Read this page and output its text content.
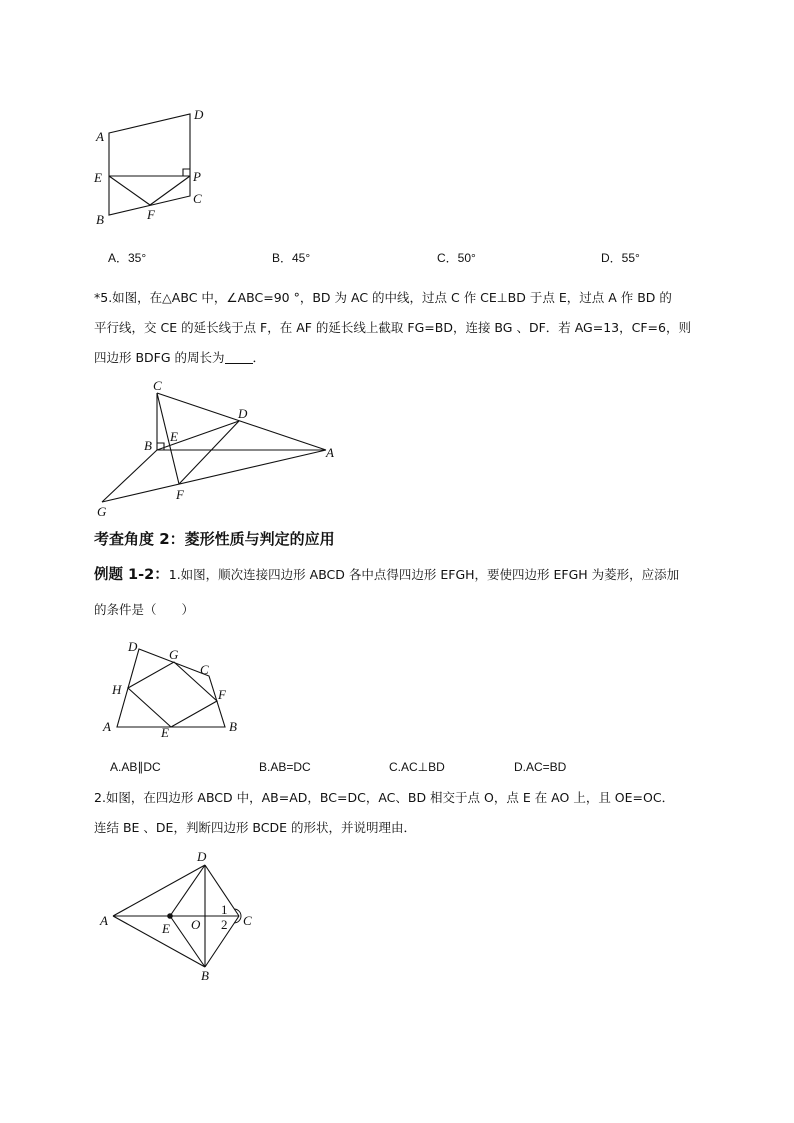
A
D
E	P
C
B	F
A．35°	B．45°	C．50°	D．55°
*5.如图，在△ABC 中，∠ABC=90 °，BD 为 AC 的中线，过点 C 作 CE⊥BD 于点 E，过点 A 作 BD 的
平行线，交 CE 的延长线于点 F，在 AF 的延长线上截取 FG=BD，连接 BG 、DF．若 AG=13，CF=6，则
四边形 BDFG 的周长为 ．
C
D
B
E
A
F
G
考查角度 2：菱形性质与判定的应用
例题 1-2：1.如图，顺次连接四边形 ABCD 各中点得四边形 EFGH，要使四边形 EFGH 为菱形，应添加
的条件是（　　）
D
G
C
H	F
A	E	B
A.AB∥DC	B.AB=DC	C.AC⊥BD	D.AC=BD
2.如图，在四边形 ABCD 中，AB=AD，BC=DC，AC、BD 相交于点 O，点 E 在 AO 上，且 OE=OC．
连结 BE 、DE，判断四边形 BCDE 的形状，并说明理由．
D
A
E O
1
2 C
B
